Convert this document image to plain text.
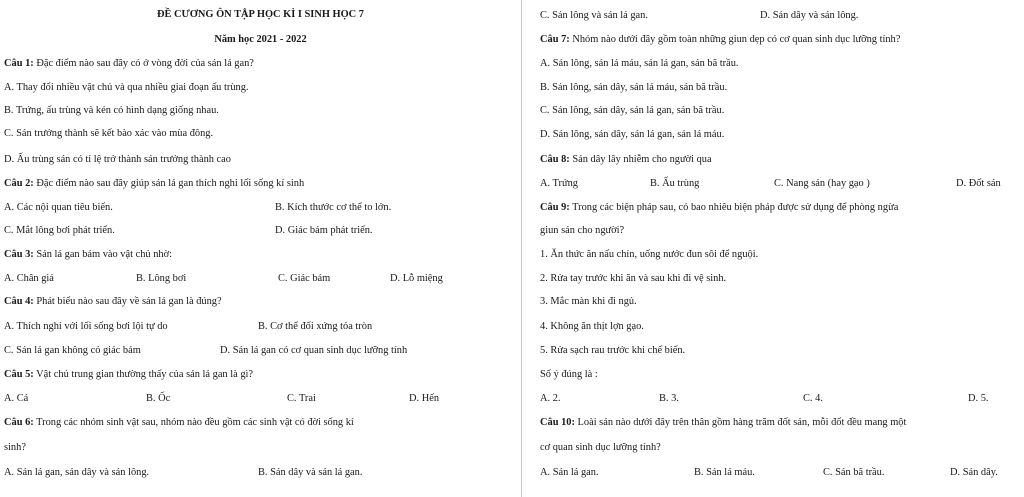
ĐỀ CƯƠNG ÔN TẬP HỌC KÌ I SINH HỌC 7
Năm học 2021 - 2022
Câu 1: Đặc điểm nào sau đây có ở vòng đời của sán lá gan?
A. Thay đổi nhiều vật chủ và qua nhiều giai đoạn ấu trùng.
B. Trứng, ấu trùng và kén có hình dạng giống nhau.
C. Sán trưởng thành sẽ kết bào xác vào mùa đông.
D. Ấu trùng sán có tỉ lệ trở thành sán trưởng thành cao
Câu 2: Đặc điểm nào sau đây giúp sán lá gan thích nghi lối sống kí sinh
A. Các nội quan tiêu biến.	B. Kích thước cơ thể to lớn.
C. Mắt lông bơi phát triển.	D. Giác bám phát triển.
Câu 3: Sán lá gan bám vào vật chủ nhờ:
A. Chân giả	B. Lông bơi	C. Giác bám	D. Lỗ miệng
Câu 4: Phát biểu nào sau đây về sán lá gan là đúng?
A. Thích nghi với lối sống bơi lội tự do	B. Cơ thể đối xứng tỏa tròn
C. Sán lá gan không có giác bám	D. Sán lá gan có cơ quan sinh dục lưỡng tính
Câu 5: Vật chủ trung gian thường thấy của sán lá gan là gì?
A. Cá	B. Ốc	C. Trai	D. Hến
Câu 6: Trong các nhóm sinh vật sau, nhóm nào đều gồm các sinh vật có đời sống kí
sinh?
A. Sán lá gan, sán dây và sán lông.	B. Sán dây và sán lá gan.
C. Sán lông và sán lá gan.	D. Sán dây và sán lông.
Câu 7: Nhóm nào dưới đây gồm toàn những giun dẹp có cơ quan sinh dục lưỡng tính?
A. Sán lông, sán lá máu, sán lá gan, sán bã trầu.
B. Sán lông, sán dây, sán lá máu, sán bã trầu.
C. Sán lông, sán dây, sán lá gan, sán bã trầu.
D. Sán lông, sán dây, sán lá gan, sán lá máu.
Câu 8: Sán dây lây nhiễm cho người qua
A. Trứng	B. Ấu trùng	C. Nang sán (hay gạo )	D. Đốt sán
Câu 9: Trong các biện pháp sau, có bao nhiêu biện pháp được sử dụng để phòng ngừa
giun sán cho người?
1. Ăn thức ăn nấu chín, uống nước đun sôi để nguội.
2. Rửa tay trước khi ăn và sau khi đi vệ sinh.
3. Mắc màn khi đi ngủ.
4. Không ăn thịt lợn gạo.
5. Rửa sạch rau trước khi chế biến.
Số ý đúng là :
A. 2.	B. 3.	C. 4.	D. 5.
Câu 10: Loài sán nào dưới đây trên thân gồm hàng trăm đốt sán, mỗi đốt đều mang một
cơ quan sinh dục lưỡng tính?
A. Sán lá gan.	B. Sán lá máu.	C. Sán bã trầu.	D. Sán dây.
